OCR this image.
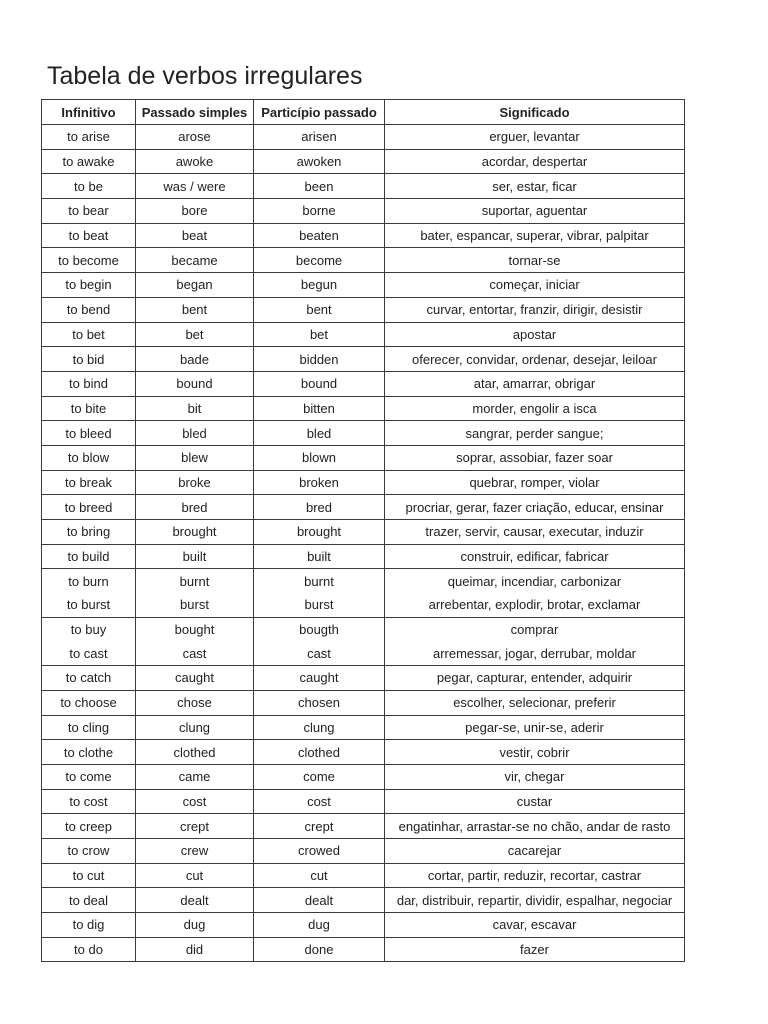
Tabela de verbos irregulares
Infinitivo	Passado simples	Particípio passado	Significado
to arise	arose	arisen	erguer, levantar
to awake	awoke	awoken	acordar, despertar
to be	was / were	been	ser, estar, ficar
to bear	bore	borne	suportar, aguentar
to beat	beat	beaten	bater, espancar, superar, vibrar, palpitar
to become	became	become	tornar-se
to begin	began	begun	começar, iniciar
to bend	bent	bent	curvar, entortar, franzir, dirigir, desistir
to bet	bet	bet	apostar
to bid	bade	bidden	oferecer, convidar, ordenar, desejar, leiloar
to bind	bound	bound	atar, amarrar, obrigar
to bite	bit	bitten	morder, engolir a isca
to bleed	bled	bled	sangrar, perder sangue;
to blow	blew	blown	soprar, assobiar, fazer soar
to break	broke	broken	quebrar, romper, violar
to breed	bred	bred	procriar, gerar, fazer criação, educar, ensinar
to bring	brought	brought	trazer, servir, causar, executar, induzir
to build	built	built	construir, edificar, fabricar
to burn	burnt	burnt	queimar, incendiar, carbonizar
to burst	burst	burst	arrebentar, explodir, brotar, exclamar
to buy	bought	bougth	comprar
to cast	cast	cast	arremessar, jogar, derrubar, moldar
to catch	caught	caught	pegar, capturar, entender, adquirir
to choose	chose	chosen	escolher, selecionar, preferir
to cling	clung	clung	pegar-se, unir-se, aderir
to clothe	clothed	clothed	vestir, cobrir
to come	came	come	vir, chegar
to cost	cost	cost	custar
to creep	crept	crept	engatinhar, arrastar-se no chão, andar de rasto
to crow	crew	crowed	cacarejar
to cut	cut	cut	cortar, partir, reduzir, recortar, castrar
to deal	dealt	dealt	dar, distribuir, repartir, dividir, espalhar, negociar
to dig	dug	dug	cavar, escavar
to do	did	done	fazer
